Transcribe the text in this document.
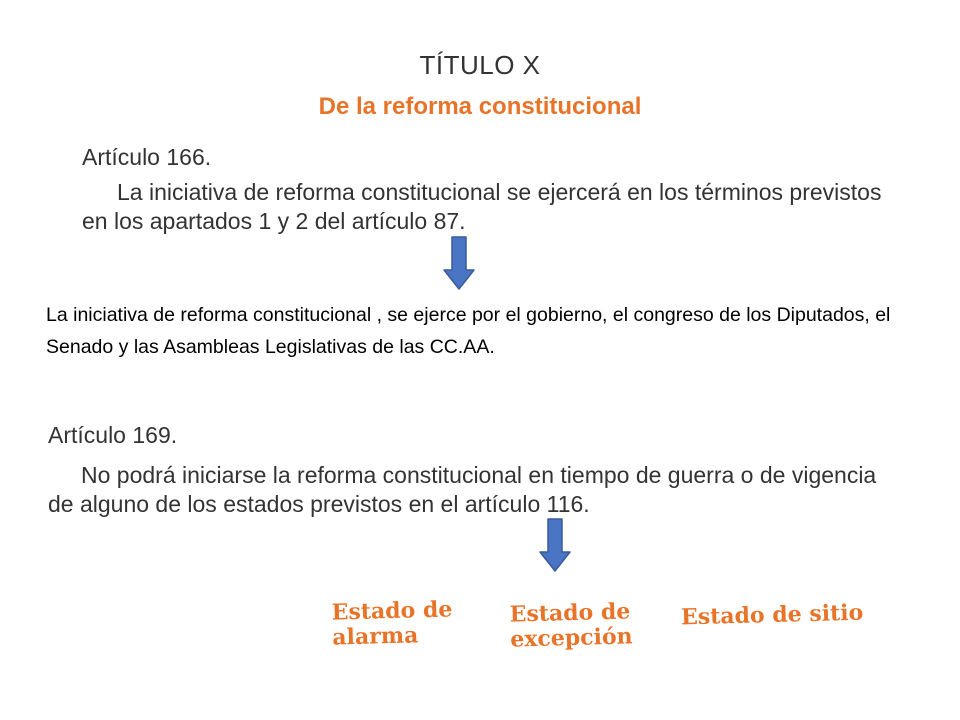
TÍTULO X
De la reforma constitucional
Artículo 166.
La iniciativa de reforma constitucional se ejercerá en los términos previstos en los apartados 1 y 2 del artículo 87.
La iniciativa de reforma constitucional , se ejerce por el gobierno, el congreso de los Diputados, el Senado y las Asambleas Legislativas de las CC.AA.
Artículo 169.
No podrá iniciarse la reforma constitucional en tiempo de guerra o de vigencia de alguno de los estados previstos en el artículo 116.
Estado de
alarma
Estado de
excepción
Estado de sitio
